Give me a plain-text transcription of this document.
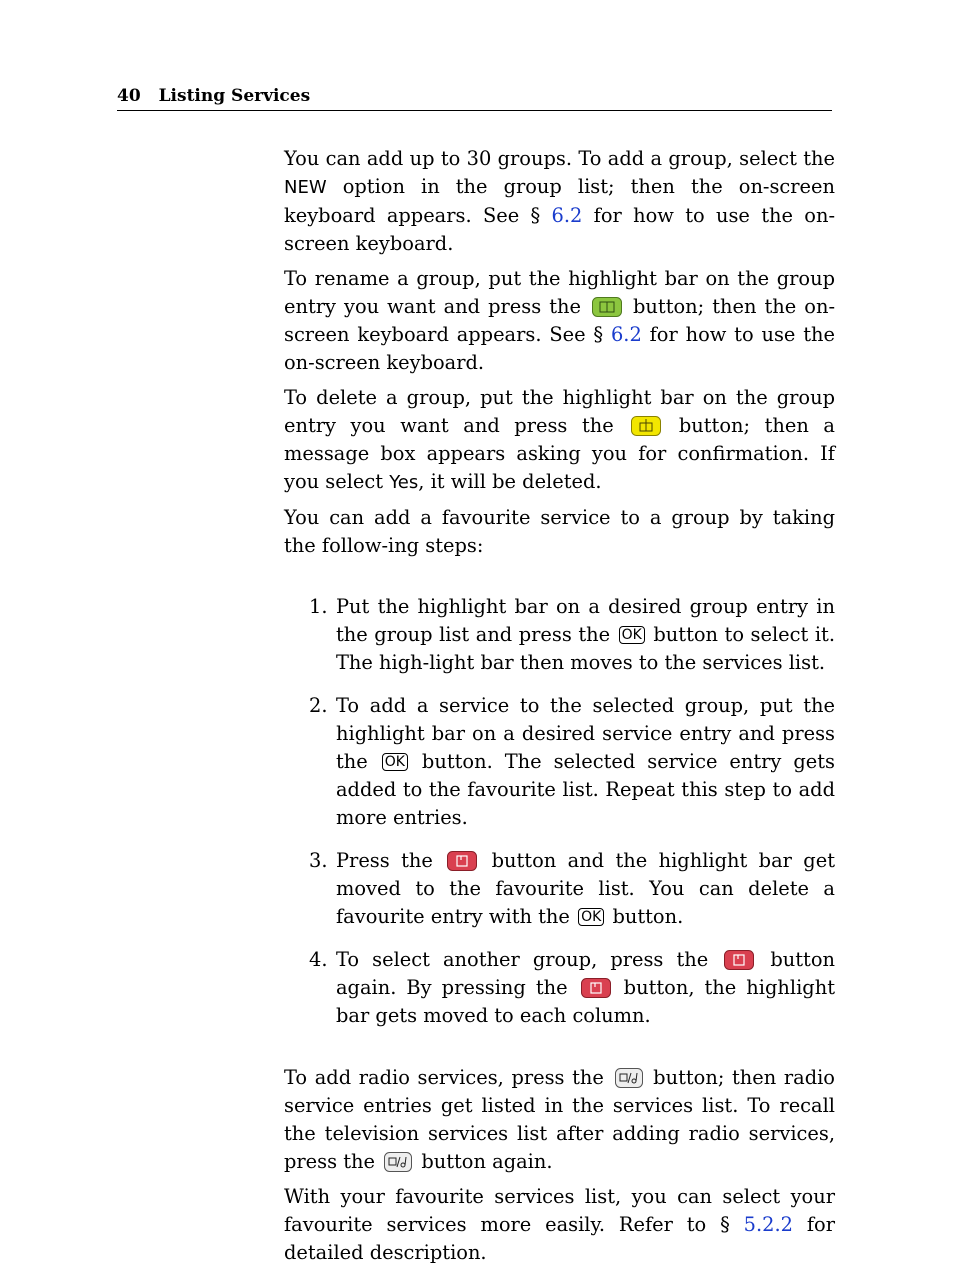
40 Listing Services

You can add up to 30 groups. To add a group, select the NEW option in the group list; then the on-screen keyboard appears. See § 6.2 for how to use the on-screen keyboard.

To rename a group, put the highlight bar on the group entry you want and press the  button; then the on-screen keyboard appears. See § 6.2 for how to use the on-screen keyboard.

To delete a group, put the highlight bar on the group entry you want and press the  button; then a message box appears asking you for confirmation. If you select Yes, it will be deleted.

You can add a favourite service to a group by taking the follow-ing steps:

1. Put the highlight bar on a desired group entry in the group list and press the OK button to select it. The high-light bar then moves to the services list.
2. To add a service to the selected group, put the highlight bar on a desired service entry and press the OK button. The selected service entry gets added to the favourite list. Repeat this step to add more entries.
3. Press the  button and the highlight bar get moved to the favourite list. You can delete a favourite entry with the OK button.
4. To select another group, press the  button again. By pressing the  button, the highlight bar gets moved to each column.

To add radio services, press the  button; then radio service entries get listed in the services list. To recall the television services list after adding radio services, press the  button again.

With your favourite services list, you can select your favourite services more easily. Refer to § 5.2.2 for detailed description.
